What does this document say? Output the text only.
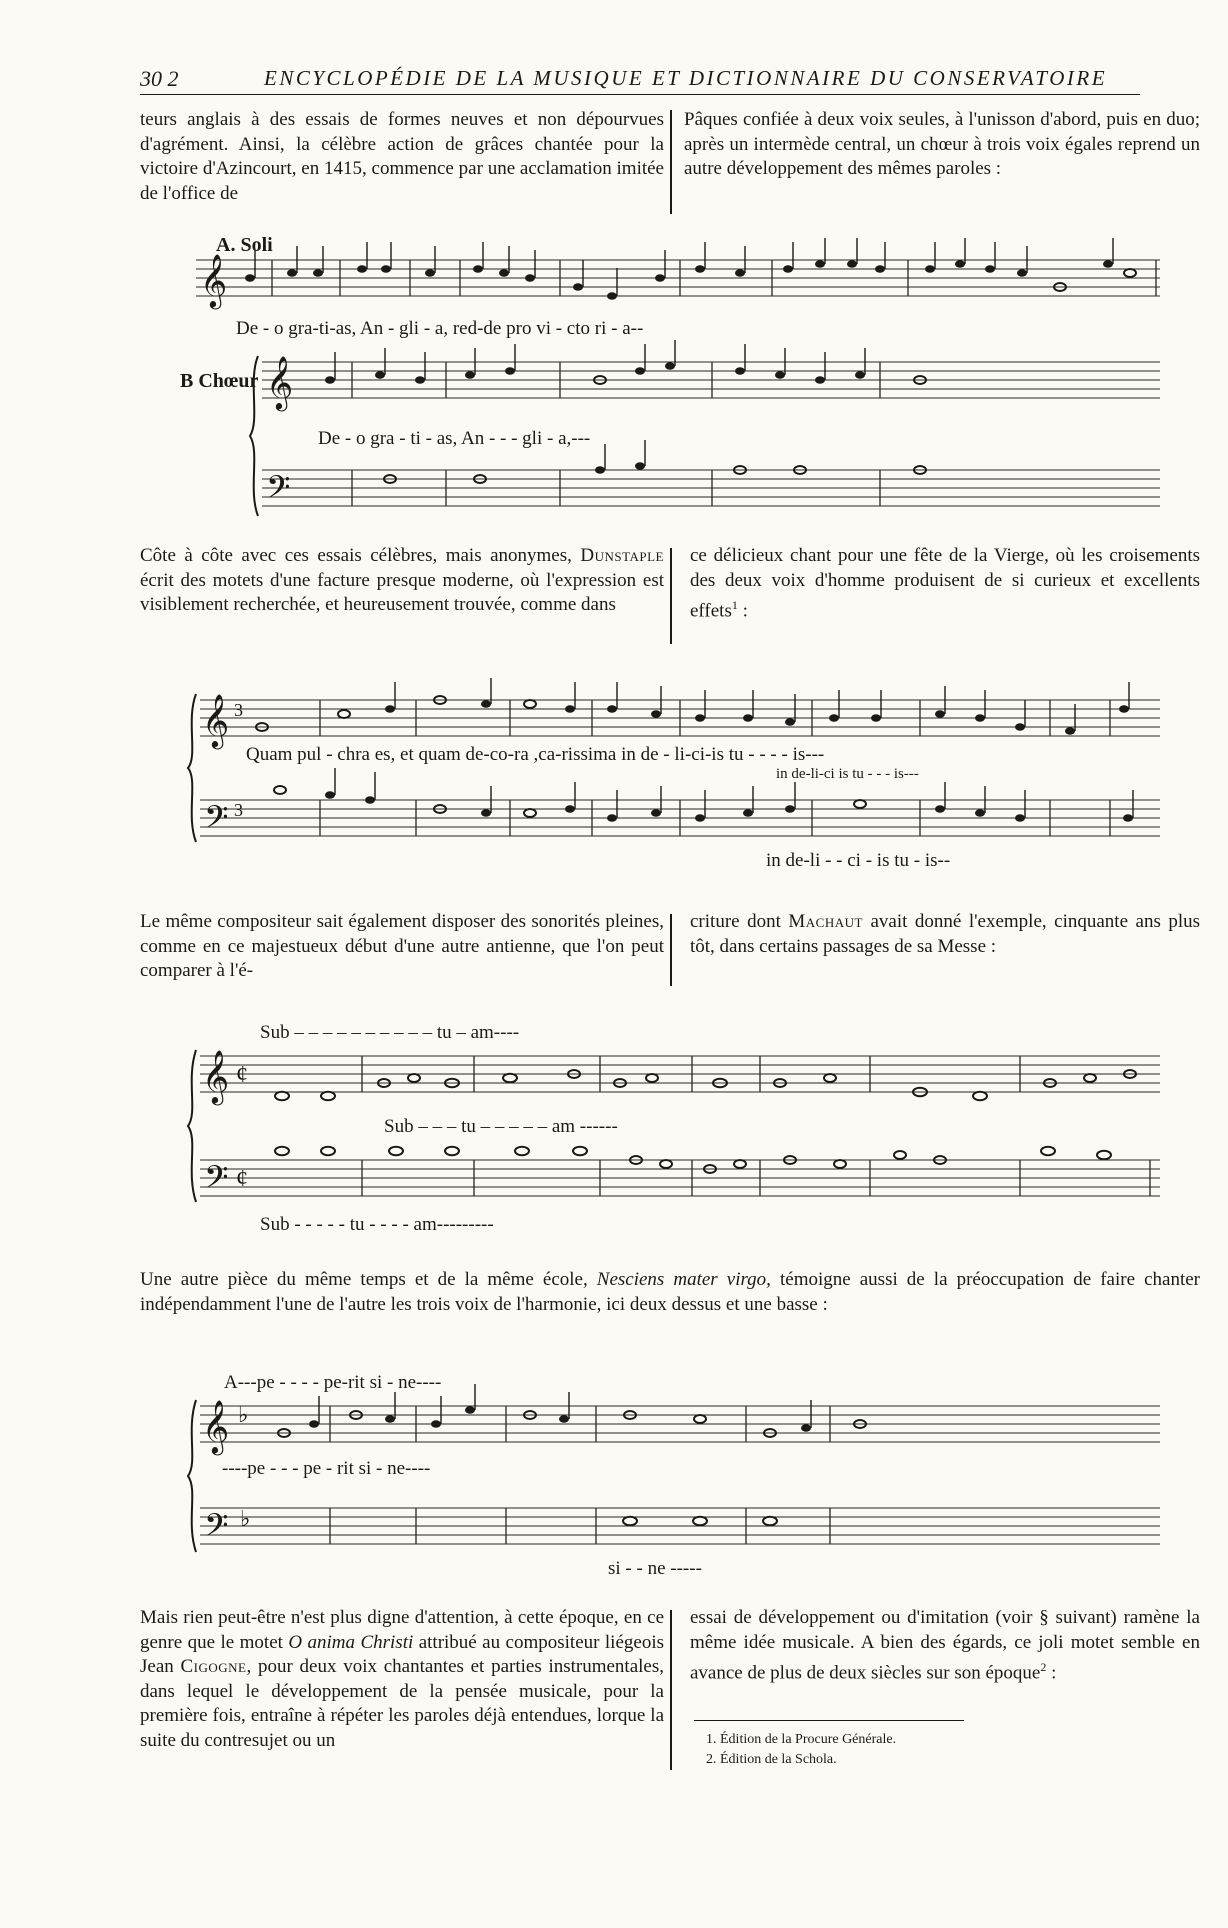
30 2	ENCYCLOPÉDIE DE LA MUSIQUE ET DICTIONNAIRE DU CONSERVATOIRE

teurs anglais à des essais de formes neuves et non dépourvues d'agrément. Ainsi, la célèbre action de grâces chantée pour la victoire d'Azincourt, en 1415, commence par une acclamation imitée de l'office de

Pâques confiée à deux voix seules, à l'unisson d'abord, puis en duo; après un intermède central, un chœur à trois voix égales reprend un autre développement des mêmes paroles :

A. Soli
B Chœur
𝄞
𝄞
𝄢
De - o gra-ti-as, An - gli - a, red-de pro vi - cto ri - a--
De - o gra - ti - as, An - - - gli - a,---

Côte à côte avec ces essais célèbres, mais anonymes, Dunstaple écrit des motets d'une facture presque moderne, où l'expression est visiblement recherchée, et heureusement trouvée, comme dans

ce délicieux chant pour une fête de la Vierge, où les croisements des deux voix d'homme produisent de si curieux et excellents effets$^1$ :

𝄞 3
𝄢 3
Quam pul - chra es, et quam de-co-ra ,ca-rissima in de - li-ci-is tu - - - - is---
in de-li-ci is tu - - - is---
in de-li - - ci - is tu - is--

Le même compositeur sait également disposer des sonorités pleines, comme en ce majestueux début d'une autre antienne, que l'on peut comparer à l'é-

criture dont Machaut avait donné l'exemple, cinquante ans plus tôt, dans certains passages de sa Messe :

𝄞 ¢
𝄢 ¢
Sub – – – – – – – – – – tu – am----
Sub – – – tu – – – – – am ------
Sub - - - - - tu - - - - am---------
Une autre pièce du même temps et de la même école, Nesciens mater virgo, témoigne aussi de la préoccupation de faire chanter indépendamment l'une de l'autre les trois voix de l'harmonie, ici deux dessus et une basse :
𝄞 ♭
𝄢 ♭
A---pe - - - - pe-rit si - ne----
----pe - - - pe - rit si - ne----
si - - ne -----

Mais rien peut-être n'est plus digne d'attention, à cette époque, en ce genre que le motet O anima Christi attribué au compositeur liégeois Jean Cigogne, pour deux voix chantantes et parties instrumentales, dans lequel le développement de la pensée musicale, pour la première fois, entraîne à répéter les paroles déjà entendues, lorque la suite du contresujet ou un

essai de développement ou d'imitation (voir § suivant) ramène la même idée musicale. A bien des égards, ce joli motet semble en avance de plus de deux siècles sur son époque$^2$ :

1. Édition de la Procure Générale.
2. Édition de la Schola.
